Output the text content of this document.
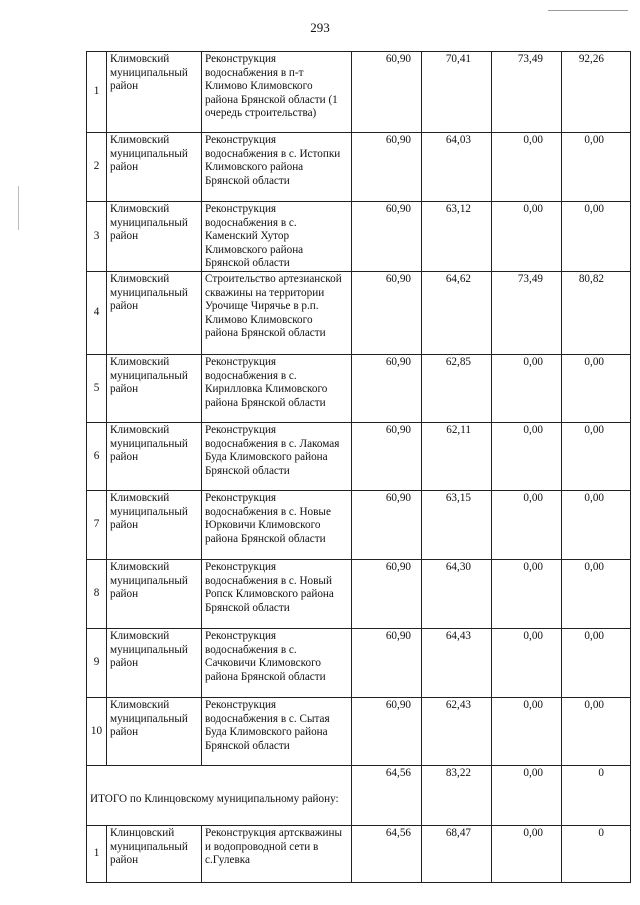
293
1	Климовский муниципальный район	Реконструкция водоснабжения в п-т Климово Климовского района Брянской области (1 очередь строительства)	60,90	70,41	73,49	92,26
2	Климовский муниципальный район	Реконструкция водоснабжения в с. Истопки Климовского района Брянской области	60,90	64,03	0,00	0,00
3	Климовский муниципальный район	Реконструкция водоснабжения в с. Каменский Хутор Климовского района Брянской области	60,90	63,12	0,00	0,00
4	Климовский муниципальный район	Строительство артезианской скважины на территории Урочище Чирячье в р.п. Климово Климовского района Брянской области	60,90	64,62	73,49	80,82
5	Климовский муниципальный район	Реконструкция водоснабжения в с. Кирилловка Климовского района Брянской области	60,90	62,85	0,00	0,00
6	Климовский муниципальный район	Реконструкция водоснабжения в с. Лакомая Буда Климовского района Брянской области	60,90	62,11	0,00	0,00
7	Климовский муниципальный район	Реконструкция водоснабжения в с. Новые Юрковичи Климовского района Брянской области	60,90	63,15	0,00	0,00
8	Климовский муниципальный район	Реконструкция водоснабжения в с. Новый Ропск Климовского района Брянской области	60,90	64,30	0,00	0,00
9	Климовский муниципальный район	Реконструкция водоснабжения в с. Сачковичи Климовского района Брянской области	60,90	64,43	0,00	0,00
10	Климовский муниципальный район	Реконструкция водоснабжения в с. Сытая Буда Климовского района Брянской области	60,90	62,43	0,00	0,00
ИТОГО по Клинцовскому муниципальному району:			64,56	83,22	0,00	0
1	Клинцовский муниципальный район	Реконструкция артскважины и водопроводной сети в с.Гулевка	64,56	68,47	0,00	0
